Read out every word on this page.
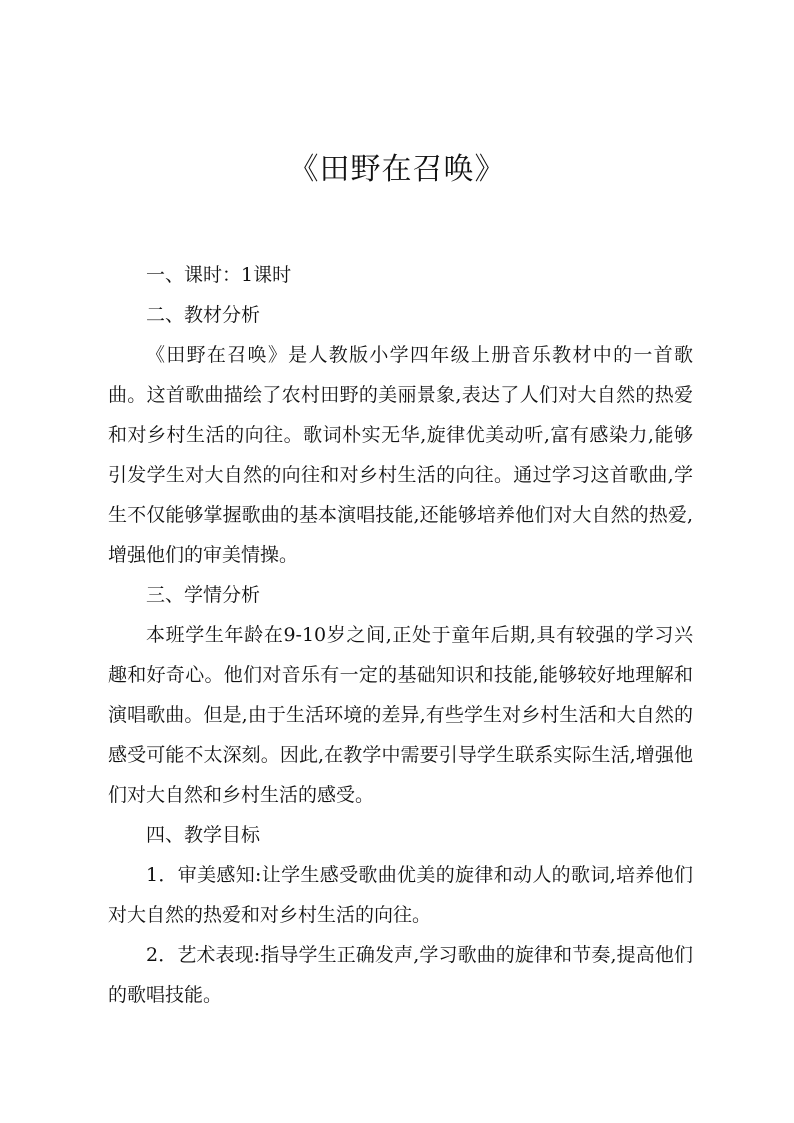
《田野在召唤》

一、课时：1课时

二、教材分析

《田野在召唤》是人教版小学四年级上册音乐教材中的一首歌曲。这首歌曲描绘了农村田野的美丽景象,表达了人们对大自然的热爱和对乡村生活的向往。歌词朴实无华,旋律优美动听,富有感染力,能够引发学生对大自然的向往和对乡村生活的向往。通过学习这首歌曲,学生不仅能够掌握歌曲的基本演唱技能,还能够培养他们对大自然的热爱,增强他们的审美情操。

三、学情分析

本班学生年龄在9-10岁之间,正处于童年后期,具有较强的学习兴趣和好奇心。他们对音乐有一定的基础知识和技能,能够较好地理解和演唱歌曲。但是,由于生活环境的差异,有些学生对乡村生活和大自然的感受可能不太深刻。因此,在教学中需要引导学生联系实际生活,增强他们对大自然和乡村生活的感受。

四、教学目标

1．审美感知:让学生感受歌曲优美的旋律和动人的歌词,培养他们对大自然的热爱和对乡村生活的向往。

2．艺术表现:指导学生正确发声,学习歌曲的旋律和节奏,提高他们的歌唱技能。
